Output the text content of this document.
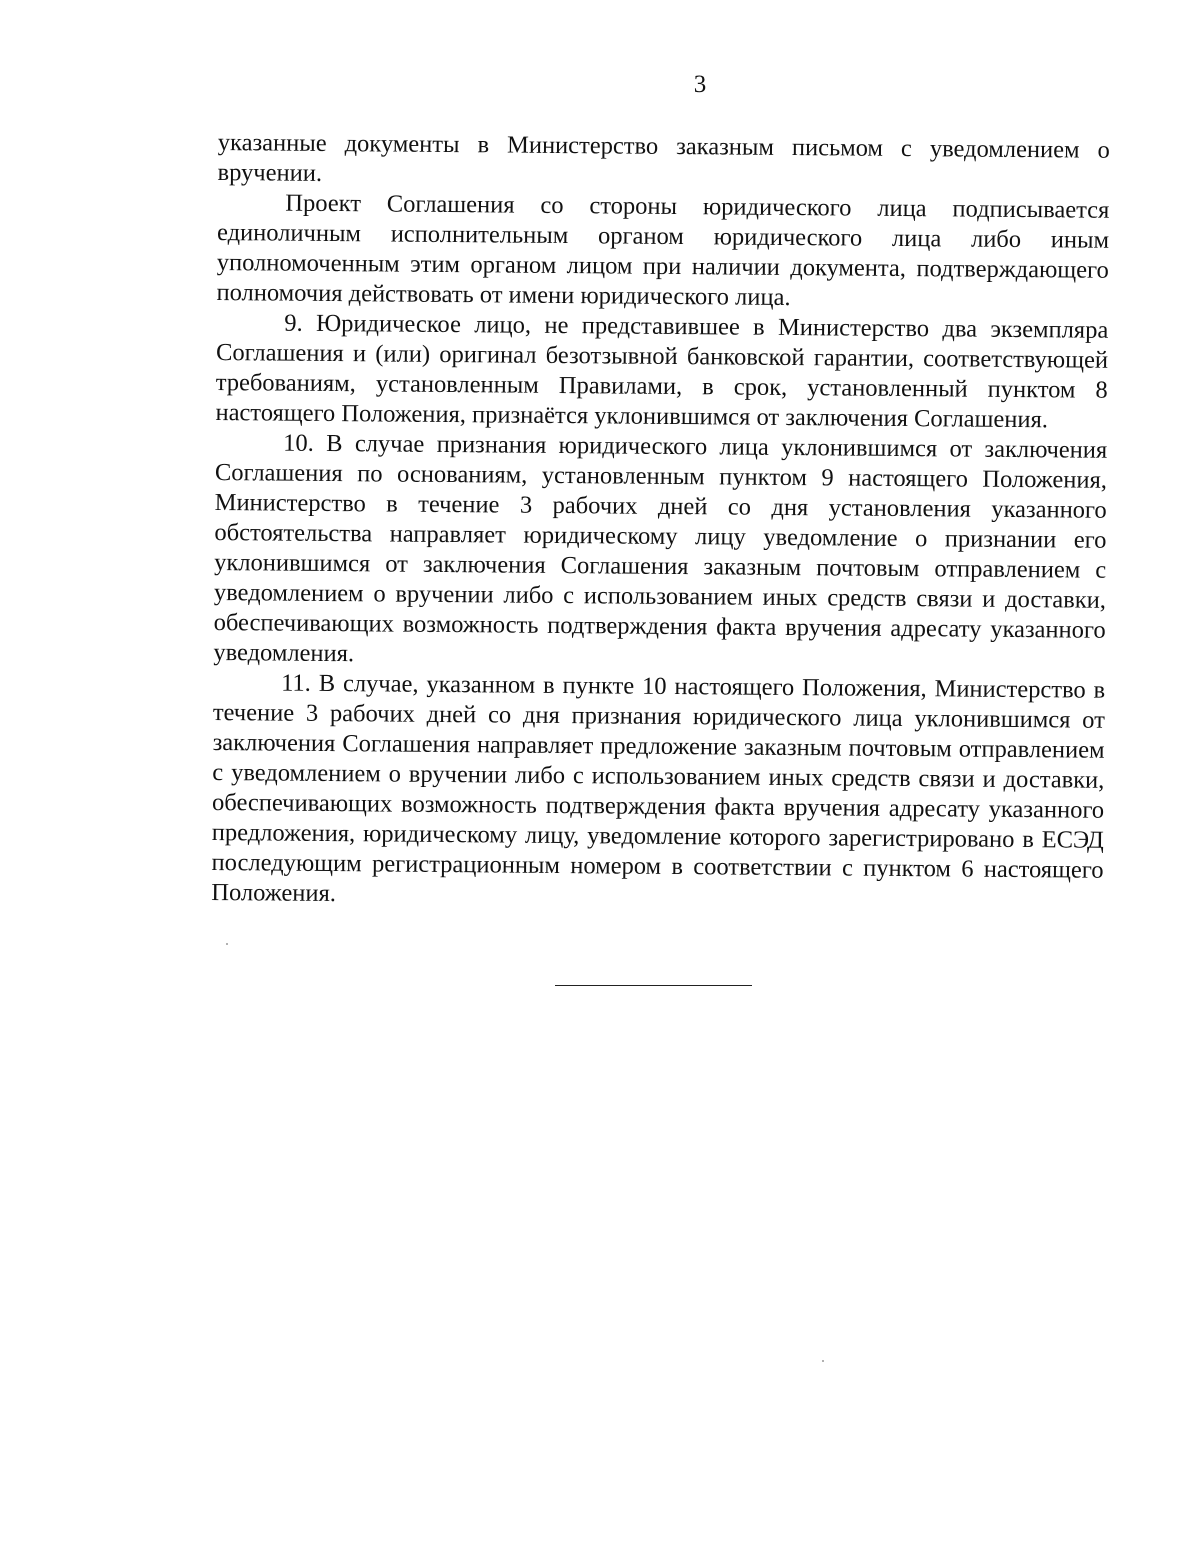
3

указанные документы в Министерство заказным письмом с уведомлением о вручении.

Проект Соглашения со стороны юридического лица подписывается единоличным исполнительным органом юридического лица либо иным уполномоченным этим органом лицом при наличии документа, подтверждающего полномочия действовать от имени юридического лица.

9. Юридическое лицо, не представившее в Министерство два экземпляра Соглашения и (или) оригинал безотзывной банковской гарантии, соответствующей требованиям, установленным Правилами, в срок, установленный пунктом 8 настоящего Положения, признаётся уклонившимся от заключения Соглашения.

10. В случае признания юридического лица уклонившимся от заключения Соглашения по основаниям, установленным пунктом 9 настоящего Положения, Министерство в течение 3 рабочих дней со дня установления указанного обстоятельства направляет юридическому лицу уведомление о признании его уклонившимся от заключения Соглашения заказным почтовым отправлением с уведомлением о вручении либо с использованием иных средств связи и доставки, обеспечивающих возможность подтверждения факта вручения адресату указанного уведомления.

11. В случае, указанном в пункте 10 настоящего Положения, Министерство в течение 3 рабочих дней со дня признания юридического лица уклонившимся от заключения Соглашения направляет предложение заказным почтовым отправлением с уведомлением о вручении либо с использованием иных средств связи и доставки, обеспечивающих возможность подтверждения факта вручения адресату указанного предложения, юридическому лицу, уведомление которого зарегистрировано в ЕСЭД последующим регистрационным номером в соответствии с пунктом 6 настоящего Положения.
